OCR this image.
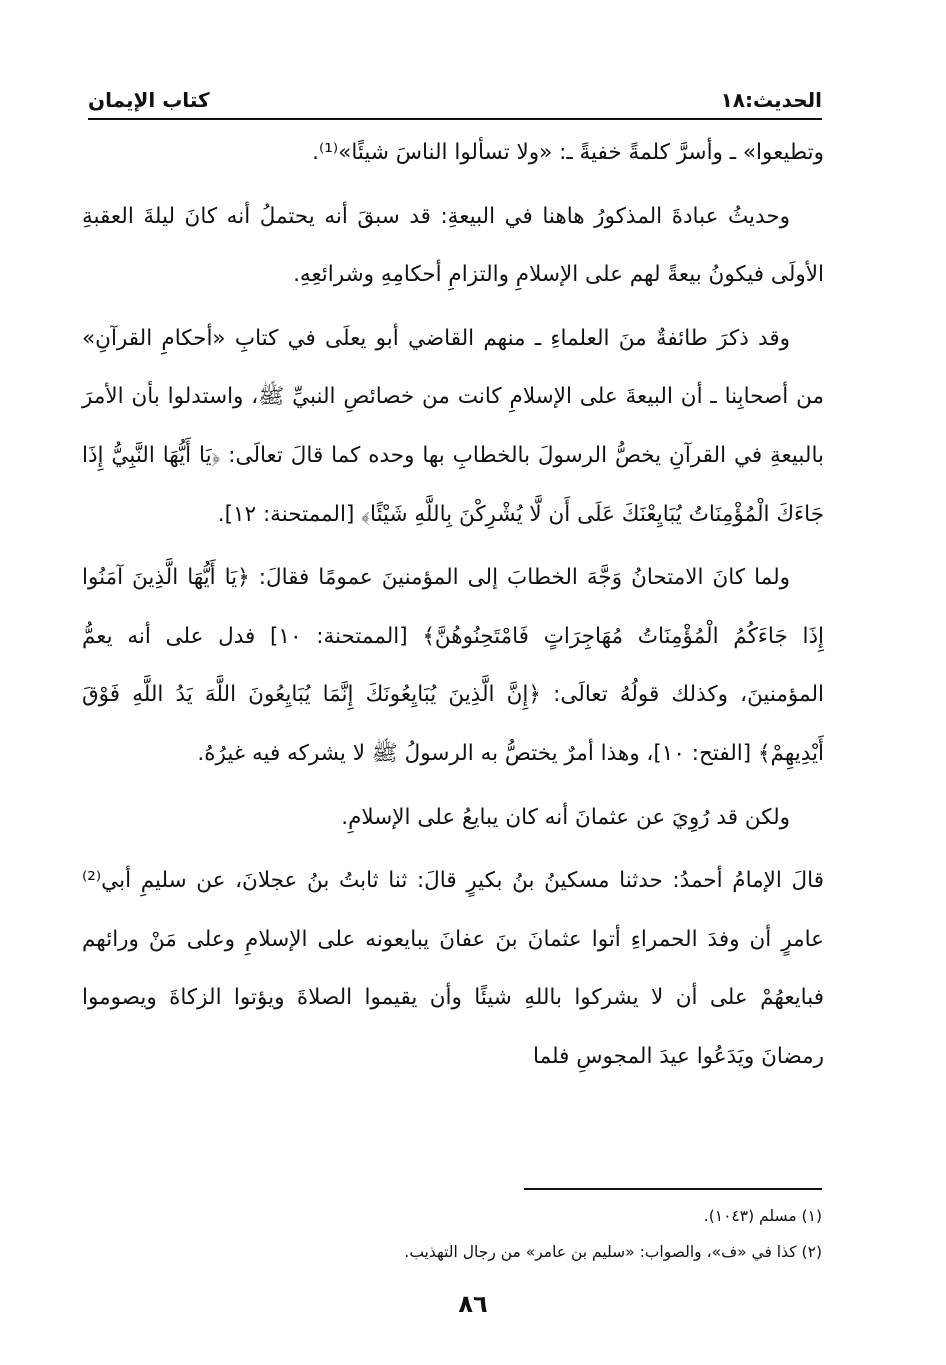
الحديث:١٨
كتاب الإيمان

وتطيعوا» ـ وأسرَّ كلمةً خفيةً ـ: «ولا تسألوا الناسَ شيئًا»⁽¹⁾.

وحديثُ عبادةَ المذكورُ هاهنا في البيعةِ: قد سبقَ أنه يحتملُ أنه كانَ ليلةَ العقبةِ الأولَى فيكونُ بيعةً لهم على الإسلامِ والتزامِ أحكامِهِ وشرائعِهِ.

وقد ذكرَ طائفةٌ منَ العلماءِ ـ منهم القاضي أبو يعلَى في كتابِ «أحكامِ القرآنِ» من أصحابِنا ـ أن البيعةَ على الإسلامِ كانت من خصائصِ النبيِّ ﷺ، واستدلوا بأن الأمرَ بالبيعةِ في القرآنِ يخصُّ الرسولَ بالخطابِ بها وحده كما قالَ تعالَى: ﴿يَا أَيُّهَا النَّبِيُّ إِذَا جَاءَكَ الْمُؤْمِنَاتُ يُبَايِعْنَكَ عَلَى أَن لَّا يُشْرِكْنَ بِاللَّهِ شَيْئًا﴾ [الممتحنة: ١٢].

ولما كانَ الامتحانُ وَجَّهَ الخطابَ إلى المؤمنينَ عمومًا فقالَ: ﴿يَا أَيُّهَا الَّذِينَ آمَنُوا إِذَا جَاءَكُمُ الْمُؤْمِنَاتُ مُهَاجِرَاتٍ فَامْتَحِنُوهُنَّ﴾ [الممتحنة: ١٠] فدل على أنه يعمُّ المؤمنينَ، وكذلك قولُهُ تعالَى: ﴿إِنَّ الَّذِينَ يُبَايِعُونَكَ إِنَّمَا يُبَايِعُونَ اللَّهَ يَدُ اللَّهِ فَوْقَ أَيْدِيهِمْ﴾ [الفتح: ١٠]، وهذا أمرٌ يختصُّ به الرسولُ ﷺ لا يشركه فيه غيرُهُ.

ولكن قد رُوِيَ عن عثمانَ أنه كان يبايعُ على الإسلامِ.

قالَ الإمامُ أحمدُ: حدثنا مسكينُ بنُ بكيرٍ قالَ: ثنا ثابتُ بنُ عجلانَ، عن سليمِ أبي⁽²⁾ عامرٍ أن وفدَ الحمراءِ أتوا عثمانَ بنَ عفانَ يبايعونه على الإسلامِ وعلى مَنْ ورائهم فبايعهُمْ على أن لا يشركوا باللهِ شيئًا وأن يقيموا الصلاةَ ويؤتوا الزكاةَ ويصوموا رمضانَ ويَدَعُوا عيدَ المجوسِ فلما

(١) مسلم (١٠٤٣).

(٢) كذا في «ف»، والصواب: «سليم بن عامر» من رجال التهذيب.

٨٦
